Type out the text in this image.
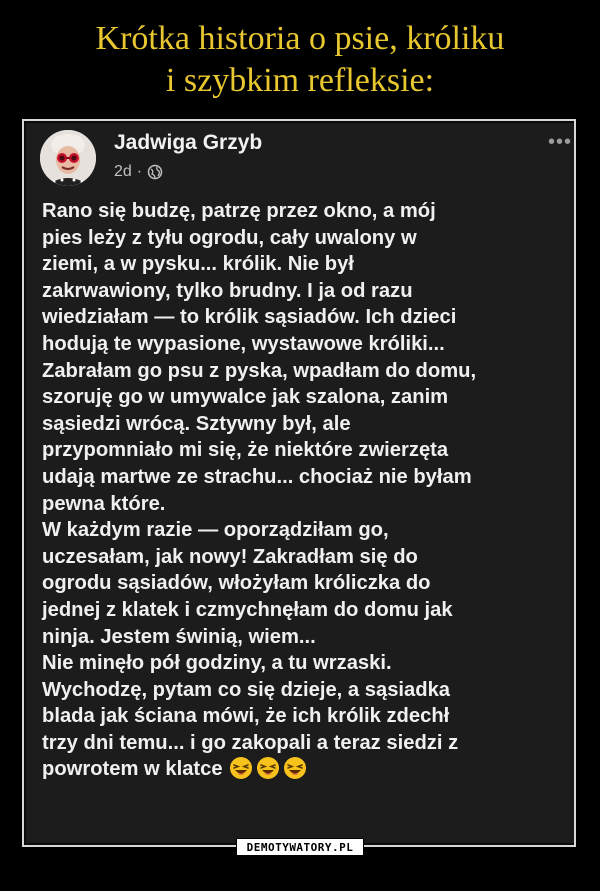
Krótka historia o psie, króliku
i szybkim refleksie:
Jadwiga Grzyb
2d ·
•••
Rano się budzę, patrzę przez okno, a mój
pies leży z tyłu ogrodu, cały uwalony w
ziemi, a w pysku... królik. Nie był
zakrwawiony, tylko brudny. I ja od razu
wiedziałam — to królik sąsiadów. Ich dzieci
hodują te wypasione, wystawowe króliki...
Zabrałam go psu z pyska, wpadłam do domu,
szoruję go w umywalce jak szalona, zanim
sąsiedzi wrócą. Sztywny był, ale
przypomniało mi się, że niektóre zwierzęta
udają martwe ze strachu... chociaż nie byłam
pewna które.
W każdym razie — oporządziłam go,
uczesałam, jak nowy! Zakradłam się do
ogrodu sąsiadów, włożyłam króliczka do
jednej z klatek i czmychnęłam do domu jak
ninja. Jestem świnią, wiem...
Nie minęło pół godziny, a tu wrzaski.
Wychodzę, pytam co się dzieje, a sąsiadka
blada jak ściana mówi, że ich królik zdechł
trzy dni temu... i go zakopali a teraz siedzi z
powrotem w klatce
DEMOTYWATORY.PL
